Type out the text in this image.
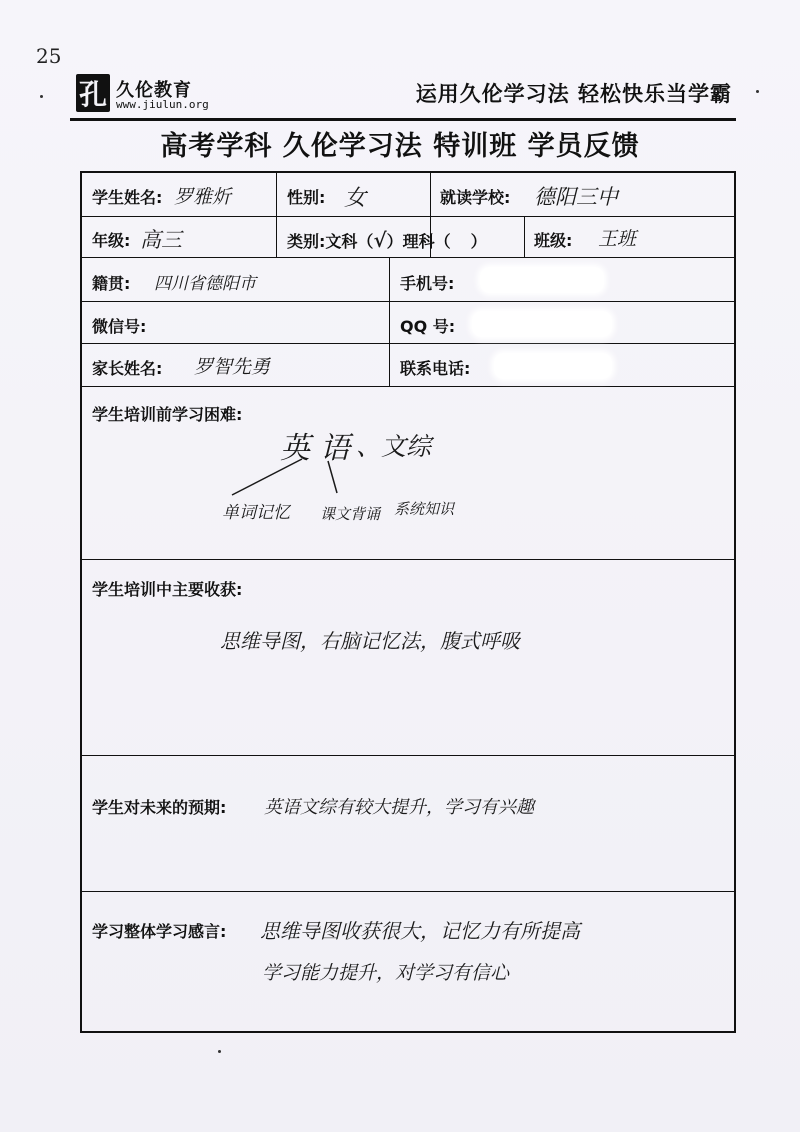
25
孔 久伦教育
www.jiulun.org	运用久伦学习法 轻松快乐当学霸
高考学科 久伦学习法 特训班 学员反馈
学生姓名: 罗雅炘	性别: 女	就读学校: 德阳三中
年级: 高三	类别:文科（√）理科（ ）	班级: 王班
籍贯: 四川省德阳市	手机号:
微信号:	QQ 号:
家长姓名: 罗智先勇	联系电话:
学生培训前学习困难:
英 语 、文综
单词记忆 课文背诵 系统知识
学生培训中主要收获:
思维导图，右脑记忆法，腹式呼吸
学生对未来的预期: 英语文综有较大提升，学习有兴趣
学习整体学习感言: 思维导图收获很大，记忆力有所提高
学习能力提升，对学习有信心
